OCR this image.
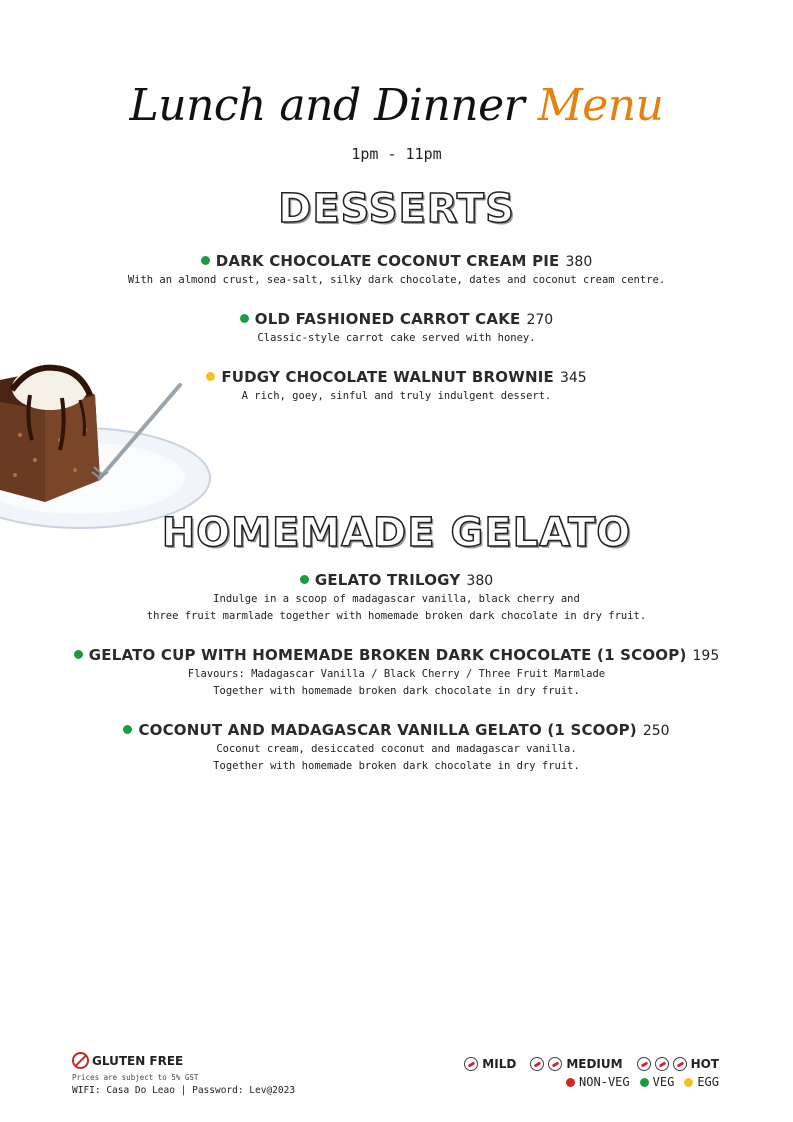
Lunch and Dinner Menu
1pm - 11pm
DESSERTS
DARK CHOCOLATE COCONUT CREAM PIE 380
With an almond crust, sea-salt, silky dark chocolate, dates and coconut cream centre.
OLD FASHIONED CARROT CAKE 270
Classic-style carrot cake served with honey.
FUDGY CHOCOLATE WALNUT BROWNIE 345
A rich, goey, sinful and truly indulgent dessert.
HOMEMADE GELATO
GELATO TRILOGY 380
Indulge in a scoop of madagascar vanilla, black cherry and
three fruit marmlade together with homemade broken dark chocolate in dry fruit.
GELATO CUP WITH HOMEMADE BROKEN DARK CHOCOLATE (1 SCOOP) 195
Flavours: Madagascar Vanilla / Black Cherry / Three Fruit Marmlade
Together with homemade broken dark chocolate in dry fruit.
COCONUT AND MADAGASCAR VANILLA GELATO (1 SCOOP) 250
Coconut cream, desiccated coconut and madagascar vanilla.
Together with homemade broken dark chocolate in dry fruit.
GLUTEN FREE
Prices are subject to 5% GST
WIFI: Casa Do Leao | Password: Lev@2023
MILD	MEDIUM	HOT
NON-VEG VEG EGG
